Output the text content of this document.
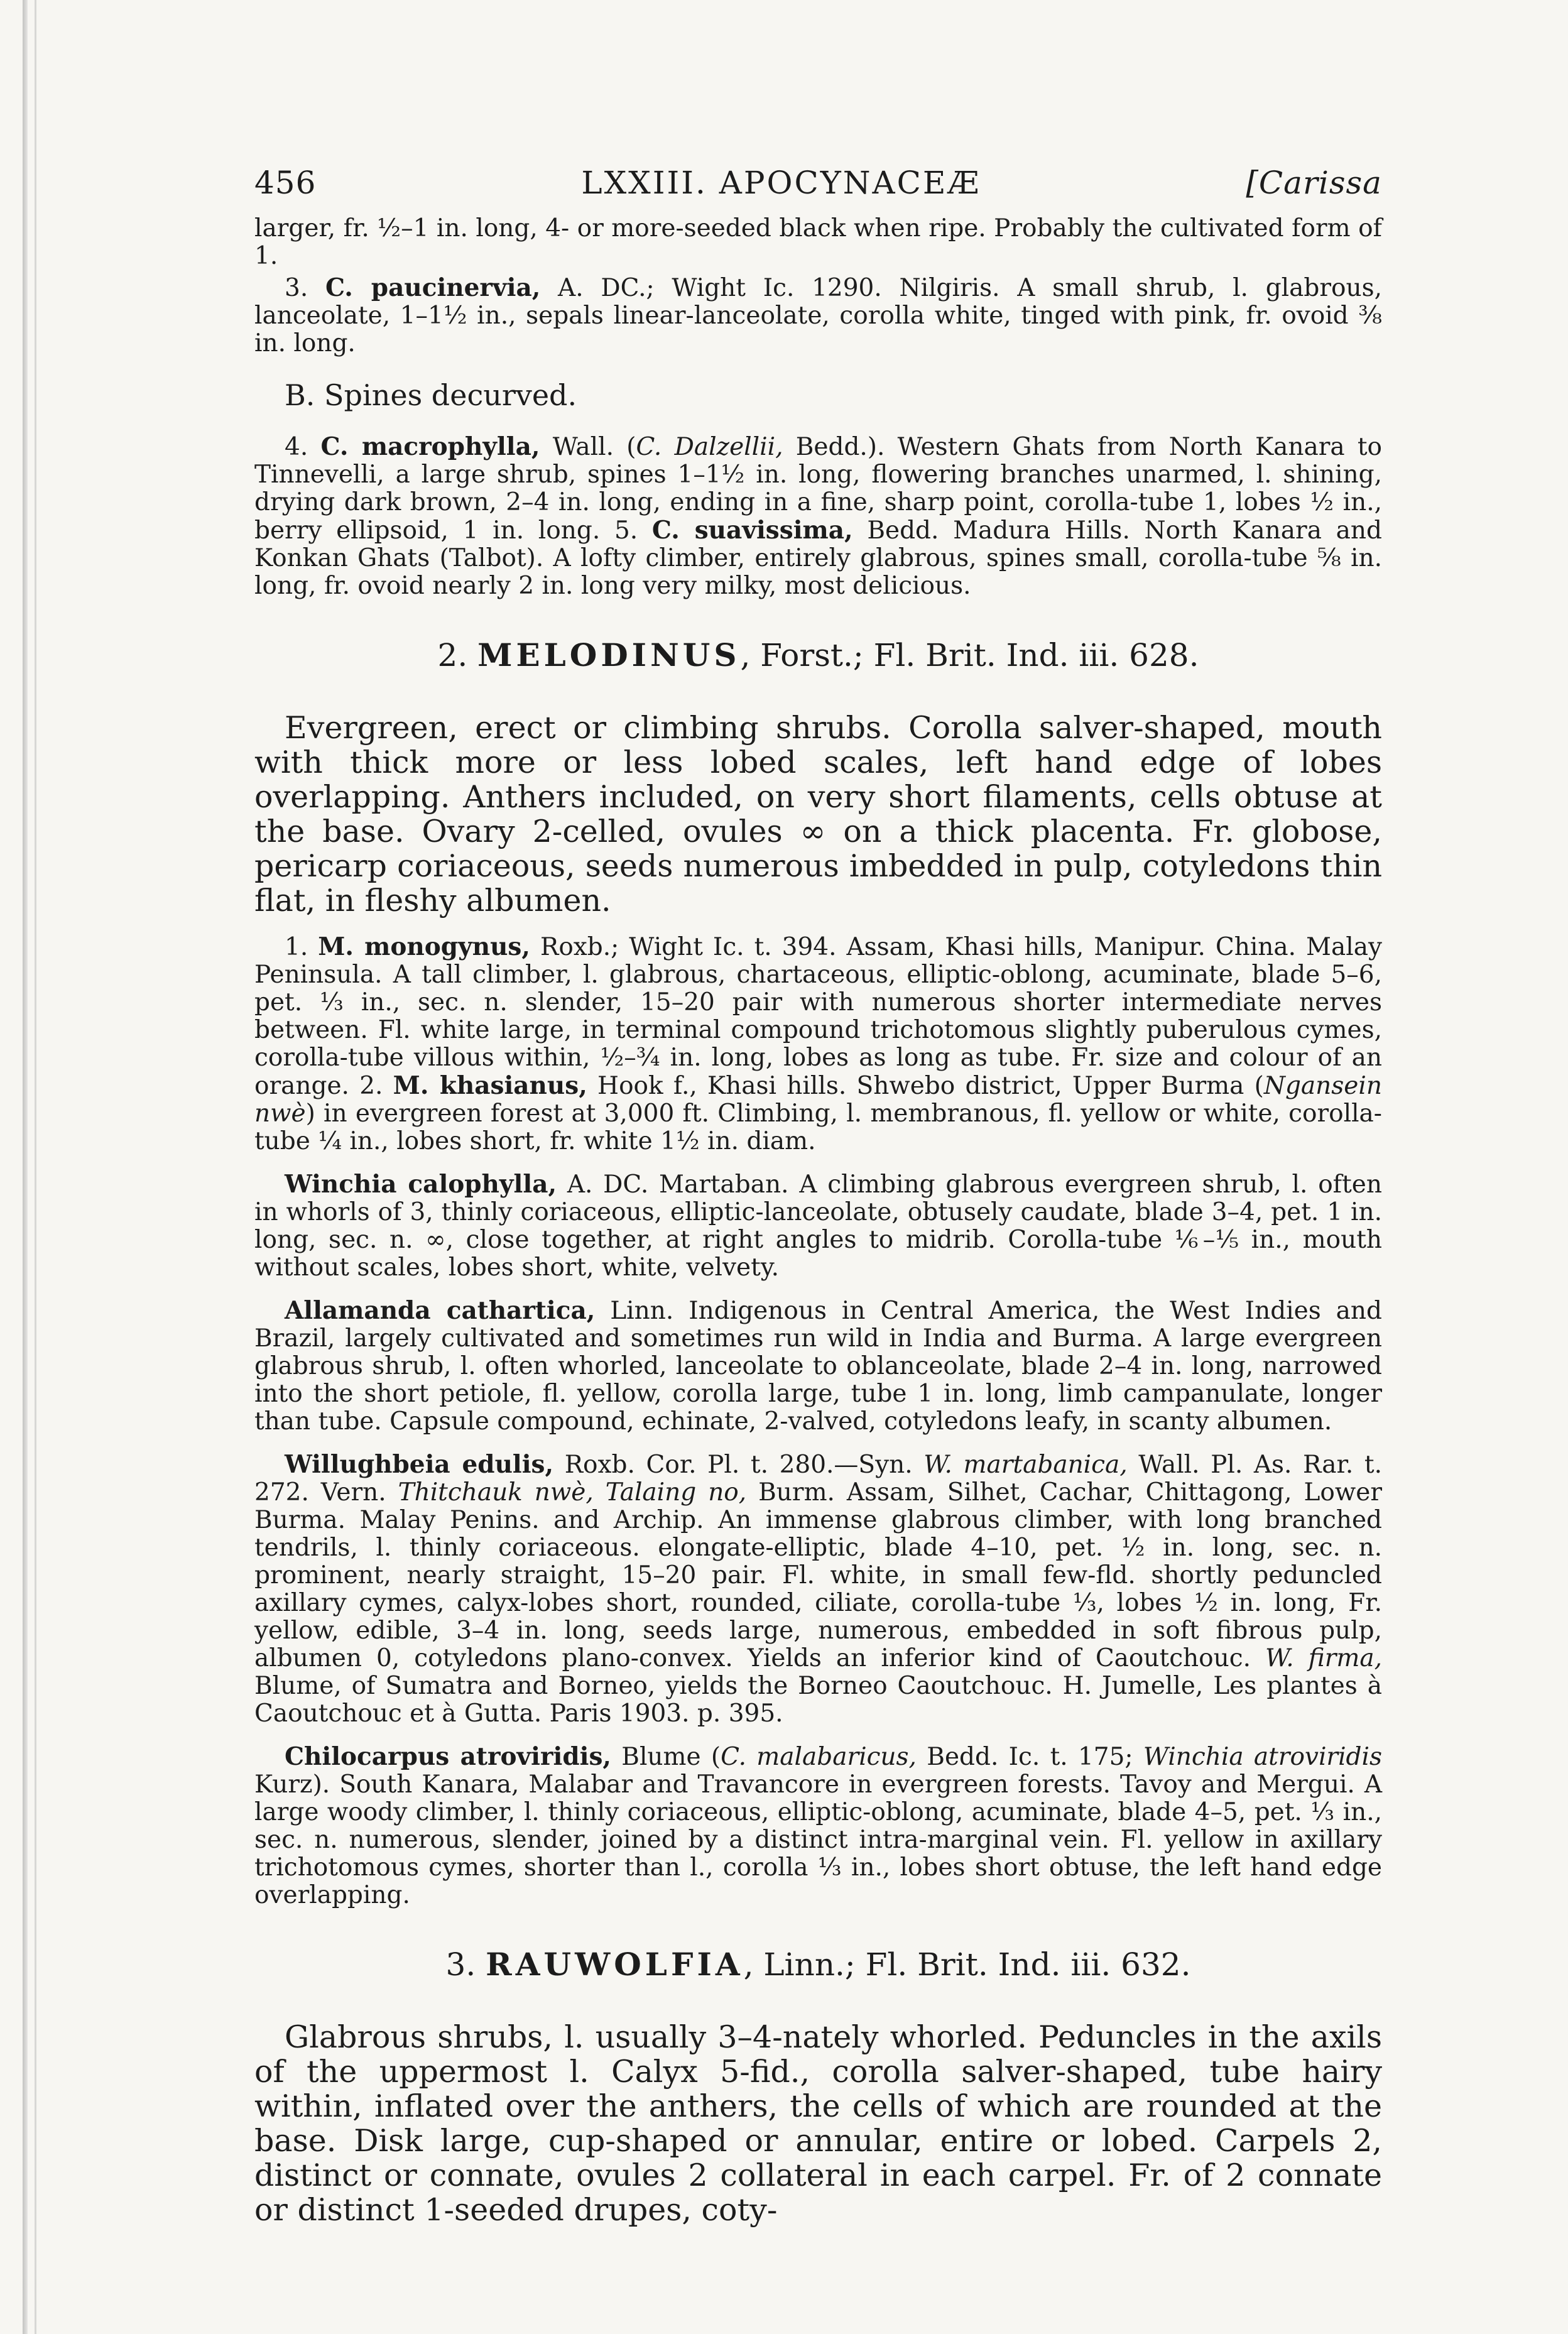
456	LXXIII. APOCYNACEÆ	[Carissa

larger, fr. ½–1 in. long, 4- or more-seeded black when ripe. Probably the cultivated form of 1.

3. C. paucinervia, A. DC.; Wight Ic. 1290. Nilgiris. A small shrub, l. glabrous, lanceolate, 1–1½ in., sepals linear-lanceolate, corolla white, tinged with pink, fr. ovoid ⅜ in. long.

B. Spines decurved.

4. C. macrophylla, Wall. (C. Dalzellii, Bedd.). Western Ghats from North Kanara to Tinnevelli, a large shrub, spines 1–1½ in. long, flowering branches unarmed, l. shining, drying dark brown, 2–4 in. long, ending in a fine, sharp point, corolla-tube 1, lobes ½ in., berry ellipsoid, 1 in. long. 5. C. suavissima, Bedd. Madura Hills. North Kanara and Konkan Ghats (Talbot). A lofty climber, entirely glabrous, spines small, corolla-tube ⅝ in. long, fr. ovoid nearly 2 in. long very milky, most delicious.

2. MELODINUS, Forst.; Fl. Brit. Ind. iii. 628.

Evergreen, erect or climbing shrubs. Corolla salver-shaped, mouth with thick more or less lobed scales, left hand edge of lobes overlapping. Anthers included, on very short filaments, cells obtuse at the base. Ovary 2-celled, ovules ∞ on a thick placenta. Fr. globose, pericarp coriaceous, seeds numerous imbedded in pulp, cotyledons thin flat, in fleshy albumen.

1. M. monogynus, Roxb.; Wight Ic. t. 394. Assam, Khasi hills, Manipur. China. Malay Peninsula. A tall climber, l. glabrous, chartaceous, elliptic-oblong, acuminate, blade 5–6, pet. ⅓ in., sec. n. slender, 15–20 pair with numerous shorter intermediate nerves between. Fl. white large, in terminal compound trichotomous slightly puberulous cymes, corolla-tube villous within, ½–¾ in. long, lobes as long as tube. Fr. size and colour of an orange. 2. M. khasianus, Hook f., Khasi hills. Shwebo district, Upper Burma (Ngansein nwè) in evergreen forest at 3,000 ft. Climbing, l. membranous, fl. yellow or white, corolla-tube ¼ in., lobes short, fr. white 1½ in. diam.

Winchia calophylla, A. DC. Martaban. A climbing glabrous evergreen shrub, l. often in whorls of 3, thinly coriaceous, elliptic-lanceolate, obtusely caudate, blade 3–4, pet. 1 in. long, sec. n. ∞, close together, at right angles to midrib. Corolla-tube ⅙–⅕ in., mouth without scales, lobes short, white, velvety.

Allamanda cathartica, Linn. Indigenous in Central America, the West Indies and Brazil, largely cultivated and sometimes run wild in India and Burma. A large evergreen glabrous shrub, l. often whorled, lanceolate to oblanceolate, blade 2–4 in. long, narrowed into the short petiole, fl. yellow, corolla large, tube 1 in. long, limb campanulate, longer than tube. Capsule compound, echinate, 2-valved, cotyledons leafy, in scanty albumen.

Willughbeia edulis, Roxb. Cor. Pl. t. 280.—Syn. W. martabanica, Wall. Pl. As. Rar. t. 272. Vern. Thitchauk nwè, Talaing no, Burm. Assam, Silhet, Cachar, Chittagong, Lower Burma. Malay Penins. and Archip. An immense glabrous climber, with long branched tendrils, l. thinly coriaceous. elongate-elliptic, blade 4–10, pet. ½ in. long, sec. n. prominent, nearly straight, 15–20 pair. Fl. white, in small few-fld. shortly peduncled axillary cymes, calyx-lobes short, rounded, ciliate, corolla-tube ⅓, lobes ½ in. long, Fr. yellow, edible, 3–4 in. long, seeds large, numerous, embedded in soft fibrous pulp, albumen 0, cotyledons plano-convex. Yields an inferior kind of Caoutchouc. W. firma, Blume, of Sumatra and Borneo, yields the Borneo Caoutchouc. H. Jumelle, Les plantes à Caoutchouc et à Gutta. Paris 1903. p. 395.

Chilocarpus atroviridis, Blume (C. malabaricus, Bedd. Ic. t. 175; Winchia atroviridis Kurz). South Kanara, Malabar and Travancore in evergreen forests. Tavoy and Mergui. A large woody climber, l. thinly coriaceous, elliptic-oblong, acuminate, blade 4–5, pet. ⅓ in., sec. n. numerous, slender, joined by a distinct intra-marginal vein. Fl. yellow in axillary trichotomous cymes, shorter than l., corolla ⅓ in., lobes short obtuse, the left hand edge overlapping.

3. RAUWOLFIA, Linn.; Fl. Brit. Ind. iii. 632.

Glabrous shrubs, l. usually 3–4-nately whorled. Peduncles in the axils of the uppermost l. Calyx 5-fid., corolla salver-shaped, tube hairy within, inflated over the anthers, the cells of which are rounded at the base. Disk large, cup-shaped or annular, entire or lobed. Carpels 2, distinct or connate, ovules 2 collateral in each carpel. Fr. of 2 connate or distinct 1-seeded drupes, coty-
